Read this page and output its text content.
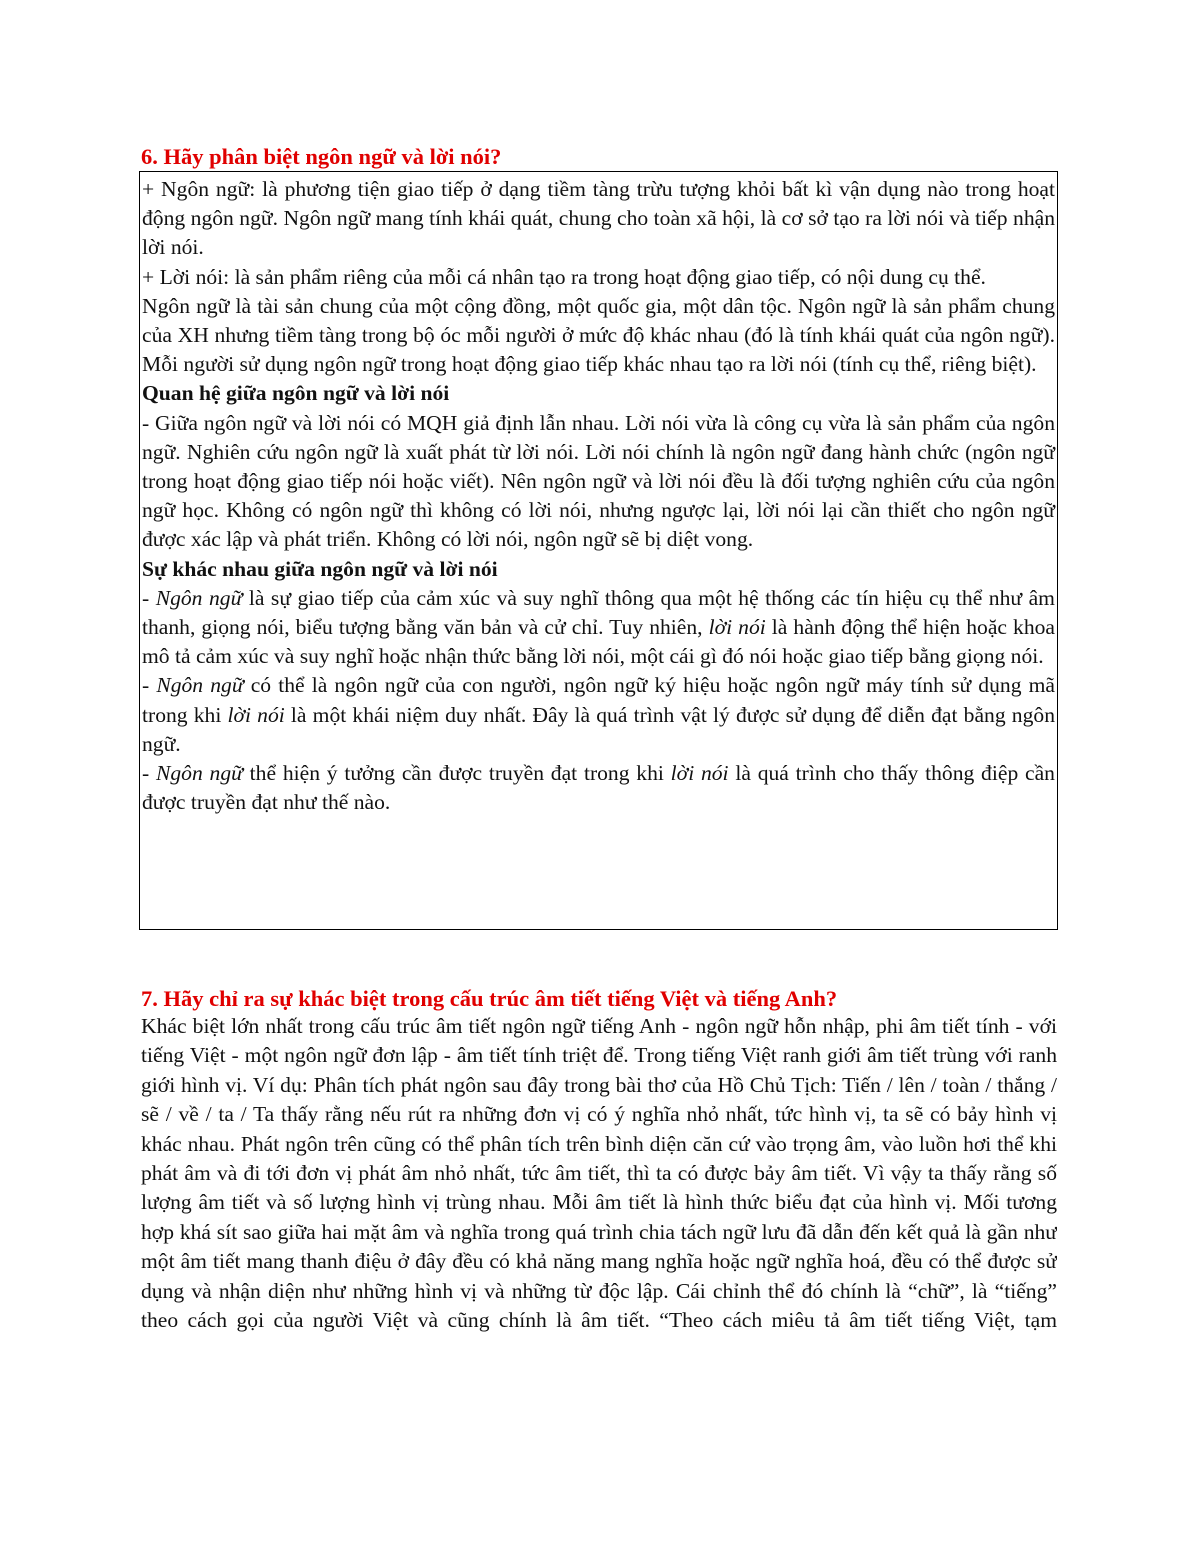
6. Hãy phân biệt ngôn ngữ và lời nói?

+ Ngôn ngữ: là phương tiện giao tiếp ở dạng tiềm tàng trừu tượng khỏi bất kì vận dụng nào trong hoạt động ngôn ngữ. Ngôn ngữ mang tính khái quát, chung cho toàn xã hội, là cơ sở tạo ra lời nói và tiếp nhận lời nói.

+ Lời nói: là sản phẩm riêng của mỗi cá nhân tạo ra trong hoạt động giao tiếp, có nội dung cụ thể.

Ngôn ngữ là tài sản chung của một cộng đồng, một quốc gia, một dân tộc. Ngôn ngữ là sản phẩm chung của XH nhưng tiềm tàng trong bộ óc mỗi người ở mức độ khác nhau (đó là tính khái quát của ngôn ngữ). Mỗi người sử dụng ngôn ngữ trong hoạt động giao tiếp khác nhau tạo ra lời nói (tính cụ thể, riêng biệt).

Quan hệ giữa ngôn ngữ và lời nói

- Giữa ngôn ngữ và lời nói có MQH giả định lẫn nhau. Lời nói vừa là công cụ vừa là sản phẩm của ngôn ngữ. Nghiên cứu ngôn ngữ là xuất phát từ lời nói. Lời nói chính là ngôn ngữ đang hành chức (ngôn ngữ trong hoạt động giao tiếp nói hoặc viết). Nên ngôn ngữ và lời nói đều là đối tượng nghiên cứu của ngôn ngữ học. Không có ngôn ngữ thì không có lời nói, nhưng ngược lại, lời nói lại cần thiết cho ngôn ngữ được xác lập và phát triển. Không có lời nói, ngôn ngữ sẽ bị diệt vong.

Sự khác nhau giữa ngôn ngữ và lời nói

- Ngôn ngữ là sự giao tiếp của cảm xúc và suy nghĩ thông qua một hệ thống các tín hiệu cụ thể như âm thanh, giọng nói, biểu tượng bằng văn bản và cử chỉ. Tuy nhiên, lời nói là hành động thể hiện hoặc khoa mô tả cảm xúc và suy nghĩ hoặc nhận thức bằng lời nói, một cái gì đó nói hoặc giao tiếp bằng giọng nói.

- Ngôn ngữ có thể là ngôn ngữ của con người, ngôn ngữ ký hiệu hoặc ngôn ngữ máy tính sử dụng mã trong khi lời nói là một khái niệm duy nhất. Đây là quá trình vật lý được sử dụng để diễn đạt bằng ngôn ngữ.

- Ngôn ngữ thể hiện ý tưởng cần được truyền đạt trong khi lời nói là quá trình cho thấy thông điệp cần được truyền đạt như thế nào.

7. Hãy chỉ ra sự khác biệt trong cấu trúc âm tiết tiếng Việt và tiếng Anh?

Khác biệt lớn nhất trong cấu trúc âm tiết ngôn ngữ tiếng Anh - ngôn ngữ hỗn nhập, phi âm tiết tính - với tiếng Việt - một ngôn ngữ đơn lập - âm tiết tính triệt để. Trong tiếng Việt ranh giới âm tiết trùng với ranh giới hình vị. Ví dụ: Phân tích phát ngôn sau đây trong bài thơ của Hồ Chủ Tịch: Tiến / lên / toàn / thắng / sẽ / về / ta / Ta thấy rằng nếu rút ra những đơn vị có ý nghĩa nhỏ nhất, tức hình vị, ta sẽ có bảy hình vị khác nhau. Phát ngôn trên cũng có thể phân tích trên bình diện căn cứ vào trọng âm, vào luồn hơi thể khi phát âm và đi tới đơn vị phát âm nhỏ nhất, tức âm tiết, thì ta có được bảy âm tiết. Vì vậy ta thấy rằng số lượng âm tiết và số lượng hình vị trùng nhau. Mỗi âm tiết là hình thức biểu đạt của hình vị. Mối tương hợp khá sít sao giữa hai mặt âm và nghĩa trong quá trình chia tách ngữ lưu đã dẫn đến kết quả là gần như một âm tiết mang thanh điệu ở đây đều có khả năng mang nghĩa hoặc ngữ nghĩa hoá, đều có thể được sử dụng và nhận diện như những hình vị và những từ độc lập. Cái chỉnh thể đó chính là “chữ”, là “tiếng” theo cách gọi của người Việt và cũng chính là âm tiết. “Theo cách miêu tả âm tiết tiếng Việt, tạm
